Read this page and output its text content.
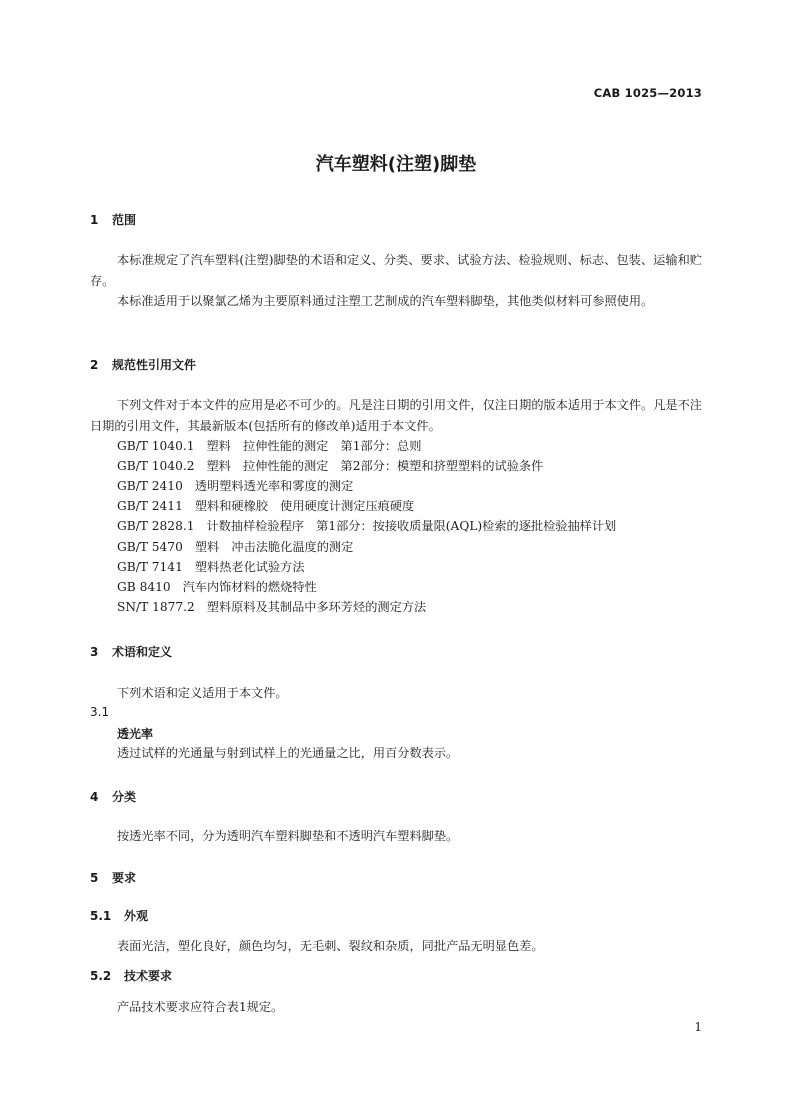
CAB 1025—2013
汽车塑料(注塑)脚垫
1 范围
本标准规定了汽车塑料(注塑)脚垫的术语和定义、分类、要求、试验方法、检验规则、标志、包装、运输和贮存。
本标准适用于以聚氯乙烯为主要原料通过注塑工艺制成的汽车塑料脚垫，其他类似材料可参照使用。
2 规范性引用文件
下列文件对于本文件的应用是必不可少的。凡是注日期的引用文件，仅注日期的版本适用于本文件。凡是不注日期的引用文件，其最新版本(包括所有的修改单)适用于本文件。
GB/T 1040.1 塑料　拉伸性能的测定　第1部分：总则
GB/T 1040.2 塑料　拉伸性能的测定　第2部分：模塑和挤塑塑料的试验条件
GB/T 2410 透明塑料透光率和雾度的测定
GB/T 2411 塑料和硬橡胶　使用硬度计测定压痕硬度
GB/T 2828.1 计数抽样检验程序　第1部分：按接收质量限(AQL)检索的逐批检验抽样计划
GB/T 5470 塑料　冲击法脆化温度的测定
GB/T 7141 塑料热老化试验方法
GB 8410 汽车内饰材料的燃烧特性
SN/T 1877.2 塑料原料及其制品中多环芳烃的测定方法
3 术语和定义
下列术语和定义适用于本文件。
3.1
透光率
透过试样的光通量与射到试样上的光通量之比，用百分数表示。
4 分类
按透光率不同，分为透明汽车塑料脚垫和不透明汽车塑料脚垫。
5 要求
5.1 外观
表面光洁，塑化良好，颜色均匀，无毛刺、裂纹和杂质，同批产品无明显色差。
5.2 技术要求
产品技术要求应符合表1规定。
1
